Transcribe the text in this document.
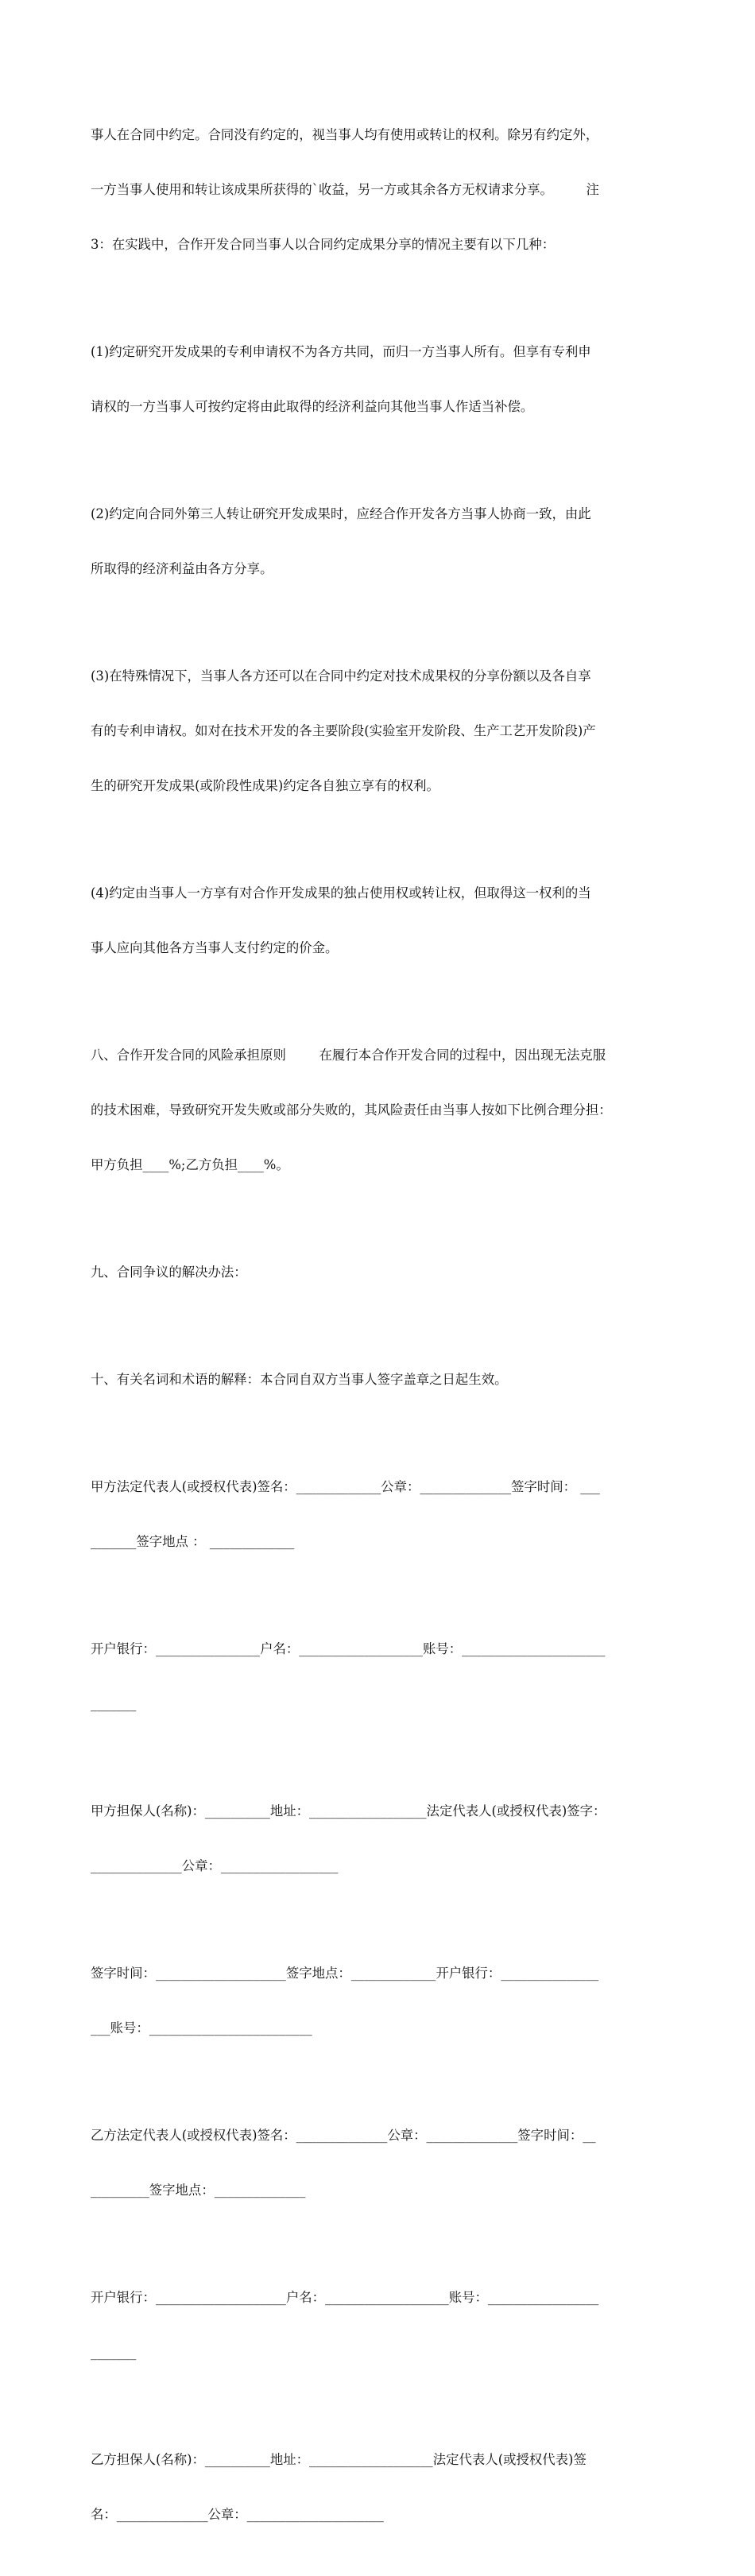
事人在合同中约定。合同没有约定的，视当事人均有使用或转让的权利。除另有约定外，

一方当事人使用和转让该成果所获得的`收益，另一方或其余各方无权请求分享。        注

3：在实践中，合作开发合同当事人以合同约定成果分享的情况主要有以下几种：

(1)约定研究开发成果的专利申请权不为各方共同，而归一方当事人所有。但享有专利申

请权的一方当事人可按约定将由此取得的经济利益向其他当事人作适当补偿。

(2)约定向合同外第三人转让研究开发成果时，应经合作开发各方当事人协商一致，由此

所取得的经济利益由各方分享。

(3)在特殊情况下，当事人各方还可以在合同中约定对技术成果权的分享份额以及各自享

有的专利申请权。如对在技术开发的各主要阶段(实验室开发阶段、生产工艺开发阶段)产

生的研究开发成果(或阶段性成果)约定各自独立享有的权利。

(4)约定由当事人一方享有对合作开发成果的独占使用权或转让权，但取得这一权利的当

事人应向其他各方当事人支付约定的价金。

八、合作开发合同的风险承担原则        在履行本合作开发合同的过程中，因出现无法克服

的技术困难，导致研究开发失败或部分失败的，其风险责任由当事人按如下比例合理分担：

甲方负担____%;乙方负担____%。

九、合同争议的解决办法：

十、有关名词和术语的解释：本合同自双方当事人签字盖章之日起生效。

甲方法定代表人(或授权代表)签名：_____________公章：______________签字时间： ___

_______签字地点 ： _____________

开户银行：________________户名：___________________账号：______________________

_______

甲方担保人(名称)：__________地址：__________________法定代表人(或授权代表)签字：

______________公章：__________________

签字时间：____________________签字地点：_____________开户银行：_______________

___账号：_________________________

乙方法定代表人(或授权代表)签名：______________公章：______________签字时间：__

_________签字地点：______________

开户银行：____________________户名：___________________账号：_________________

_______

乙方担保人(名称)：__________地址：___________________法定代表人(或授权代表)签

名：______________公章：_____________________
